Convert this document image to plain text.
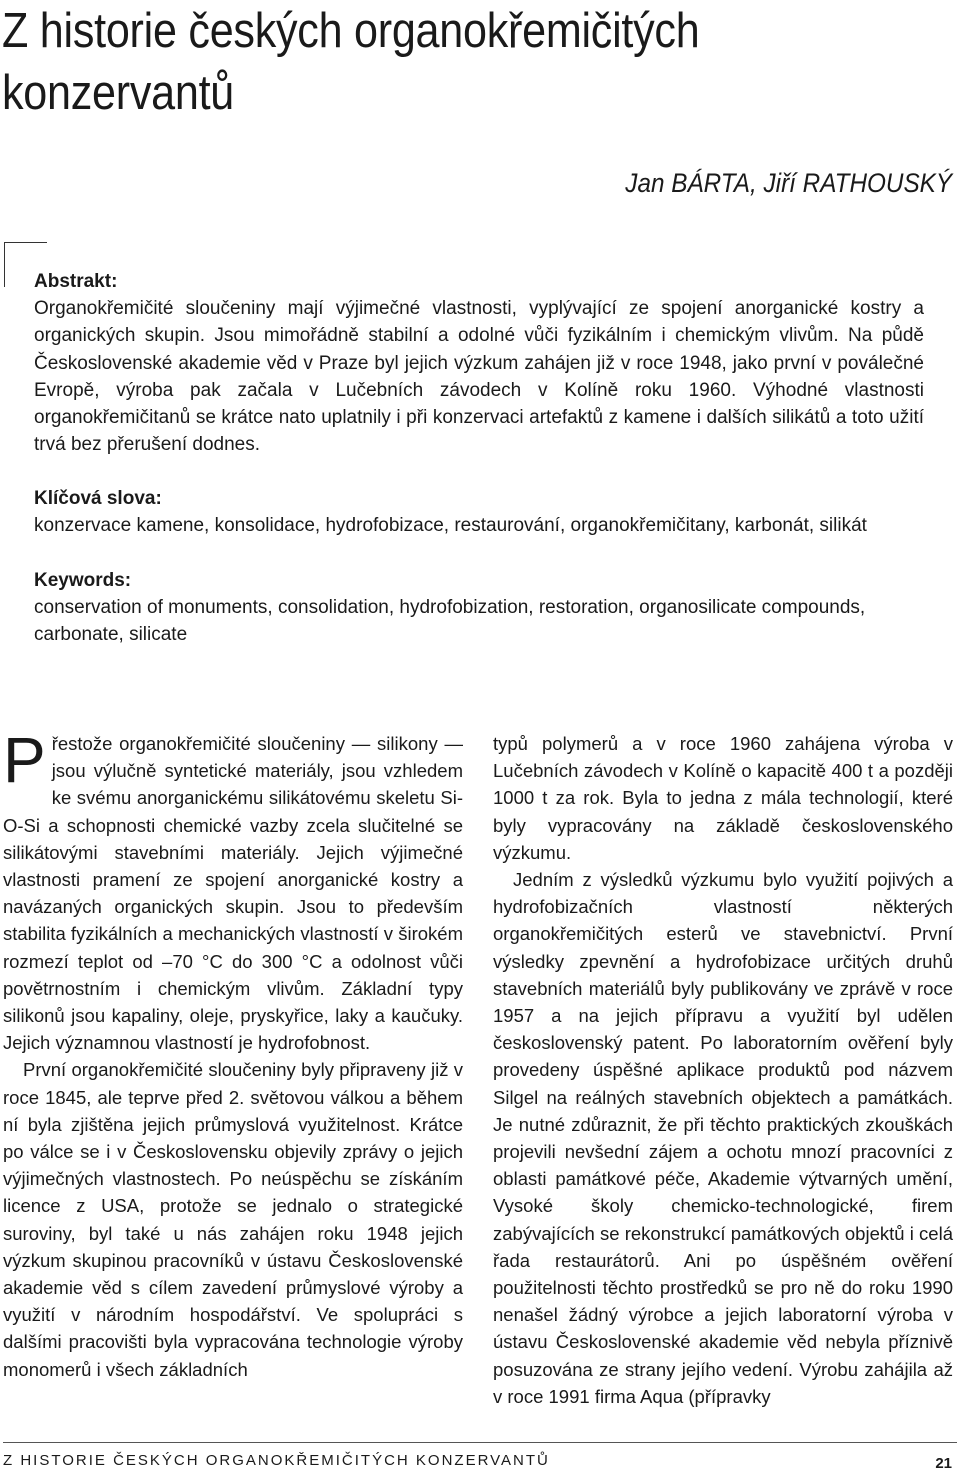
Z historie českých organokřemičitých konzervantů
Jan BÁRTA, Jiří RATHOUSKÝ
Abstrakt:
Organokřemičité sloučeniny mají výjimečné vlastnosti, vyplývající ze spojení anorganické kostry a organických skupin. Jsou mimořádně stabilní a odolné vůči fyzikálním i chemickým vlivům. Na půdě Československé akademie věd v Praze byl jejich výzkum zahájen již v roce 1948, jako první v poválečné Evropě, výroba pak začala v Lučebních závodech v Kolíně roku 1960. Výhodné vlastnosti organokřemičitanů se krátce nato uplatnily i při konzervaci artefaktů z kamene i dalších silikátů a toto užití trvá bez přerušení dodnes.
Klíčová slova:
konzervace kamene, konsolidace, hydrofobizace, restaurování, organokřemičitany, karbonát, silikát
Keywords:
conservation of monuments, consolidation, hydrofobization, restoration, organosilicate compounds, carbonate, silicate

Přestože organokřemičité sloučeniny — silikony — jsou výlučně syntetické materiály, jsou vzhledem ke svému anorganickému silikátovému skeletu Si-O-Si a schopnosti chemické vazby zcela slučitelné se silikátovými stavebními materiály. Jejich výjimečné vlastnosti pramení ze spojení anorganické kostry a navázaných organických skupin. Jsou to především stabilita fyzikálních a mechanických vlastností v širokém rozmezí teplot od –70 °C do 300 °C a odolnost vůči povětrnostním i chemickým vlivům. Základní typy silikonů jsou kapaliny, oleje, pryskyřice, laky a kaučuky. Jejich významnou vlastností je hydrofobnost.

První organokřemičité sloučeniny byly připraveny již v roce 1845, ale teprve před 2. světovou válkou a během ní byla zjištěna jejich průmyslová využitelnost. Krátce po válce se i v Československu objevily zprávy o jejich výjimečných vlastnostech. Po neúspěchu se získáním licence z USA, protože se jednalo o strategické suroviny, byl také u nás zahájen roku 1948 jejich výzkum skupinou pracovníků v ústavu Československé akademie věd s cílem zavedení průmyslové výroby a využití v národním hospodářství. Ve spolupráci s dalšími pracovišti byla vypracována technologie výroby monomerů i všech základních

typů polymerů a v roce 1960 zahájena výroba v Lučebních závodech v Kolíně o kapacitě 400 t a později 1000 t za rok. Byla to jedna z mála technologií, které byly vypracovány na základě československého výzkumu.

Jedním z výsledků výzkumu bylo využití pojivých a hydrofobizačních vlastností některých organokřemičitých esterů ve stavebnictví. První výsledky zpevnění a hydrofobizace určitých druhů stavebních materiálů byly publikovány ve zprávě v roce 1957 a na jejich přípravu a využití byl udělen československý patent. Po laboratorním ověření byly provedeny úspěšné aplikace produktů pod názvem Silgel na reálných stavebních objektech a památkách. Je nutné zdůraznit, že při těchto praktických zkouškách projevili nevšední zájem a ochotu mnozí pracovníci z oblasti památkové péče, Akademie výtvarných umění, Vysoké školy chemicko-technologické, firem zabývajících se rekonstrukcí památkových objektů i celá řada restaurátorů. Ani po úspěšném ověření použitelnosti těchto prostředků se pro ně do roku 1990 nenašel žádný výrobce a jejich laboratorní výroba v ústavu Československé akademie věd nebyla příznivě posuzována ze strany jejího vedení. Výrobu zahájila až v roce 1991 firma Aqua (přípravky

Z HISTORIE ČESKÝCH ORGANOKŘEMIČITÝCH KONZERVANTŮ	21
